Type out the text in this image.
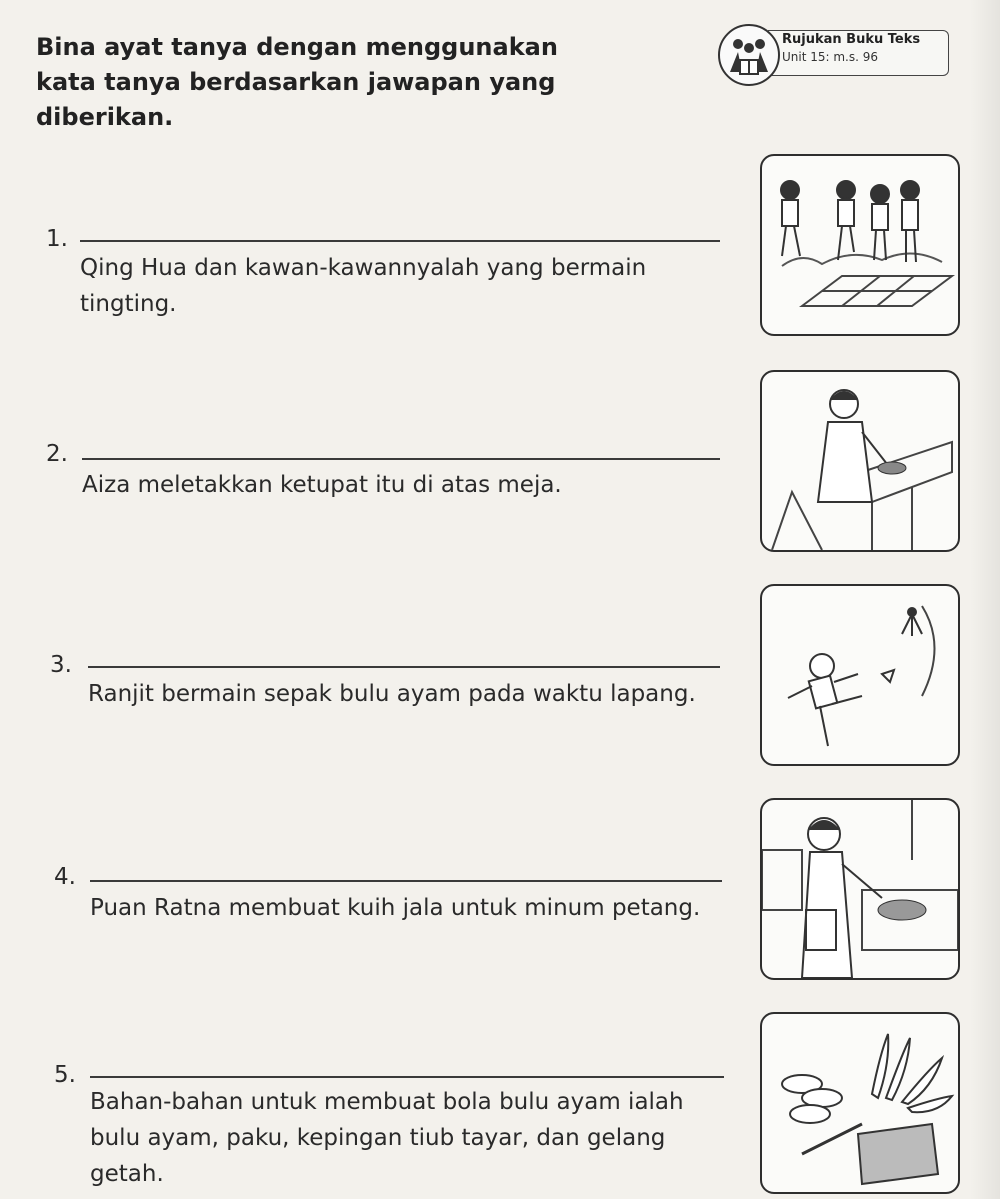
Bina ayat tanya dengan menggunakan kata tanya berdasarkan jawapan yang diberikan.
Rujukan Buku Teks
Unit 15: m.s. 96
1.
Qing Hua dan kawan-kawannyalah yang bermain tingting.
2.
Aiza meletakkan ketupat itu di atas meja.
3.
Ranjit bermain sepak bulu ayam pada waktu lapang.
4.
Puan Ratna membuat kuih jala untuk minum petang.
5.
Bahan-bahan untuk membuat bola bulu ayam ialah bulu ayam, paku, kepingan tiub tayar, dan gelang getah.
